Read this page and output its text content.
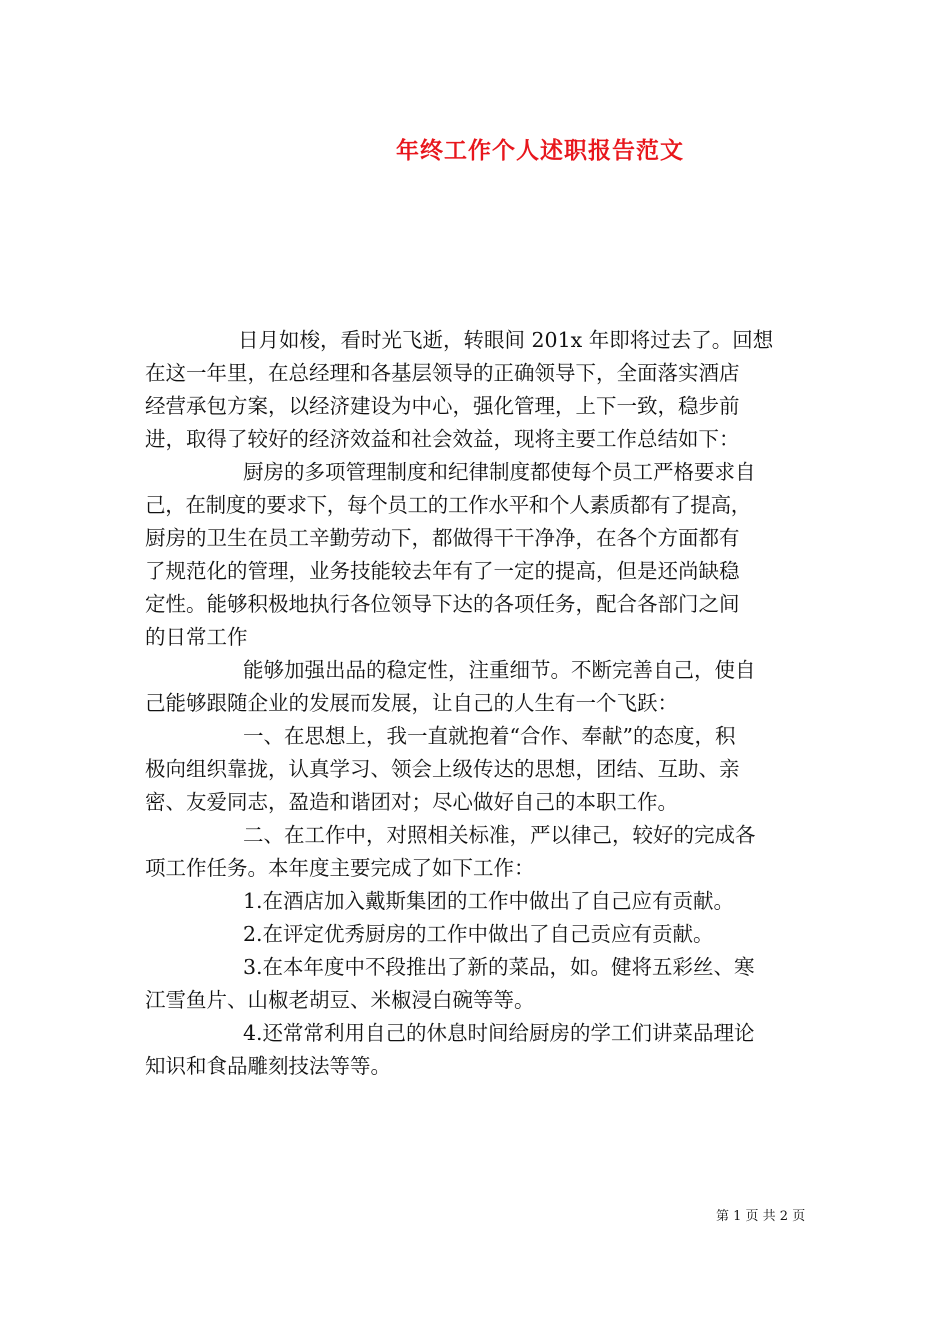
年终工作个人述职报告范文
日月如梭，看时光飞逝，转眼间 201x 年即将过去了。回想
在这一年里，在总经理和各基层领导的正确领导下，全面落实酒店
经营承包方案，以经济建设为中心，强化管理，上下一致，稳步前
进，取得了较好的经济效益和社会效益，现将主要工作总结如下：
厨房的多项管理制度和纪律制度都使每个员工严格要求自
己，在制度的要求下，每个员工的工作水平和个人素质都有了提高，
厨房的卫生在员工辛勤劳动下，都做得干干净净，在各个方面都有
了规范化的管理，业务技能较去年有了一定的提高，但是还尚缺稳
定性。能够积极地执行各位领导下达的各项任务，配合各部门之间
的日常工作
能够加强出品的稳定性，注重细节。不断完善自己，使自
己能够跟随企业的发展而发展，让自己的人生有一个飞跃：
一、在思想上，我一直就抱着“合作、奉献”的态度，积
极向组织靠拢，认真学习、领会上级传达的思想，团结、互助、亲
密、友爱同志，盈造和谐团对；尽心做好自己的本职工作。
二、在工作中，对照相关标准，严以律己，较好的完成各
项工作任务。本年度主要完成了如下工作：
1.在酒店加入戴斯集团的工作中做出了自己应有贡献。
2.在评定优秀厨房的工作中做出了自己贡应有贡献。
3.在本年度中不段推出了新的菜品，如。健将五彩丝、寒
江雪鱼片、山椒老胡豆、米椒浸白碗等等。
4.还常常利用自己的休息时间给厨房的学工们讲菜品理论
知识和食品雕刻技法等等。
第 1 页 共 2 页
